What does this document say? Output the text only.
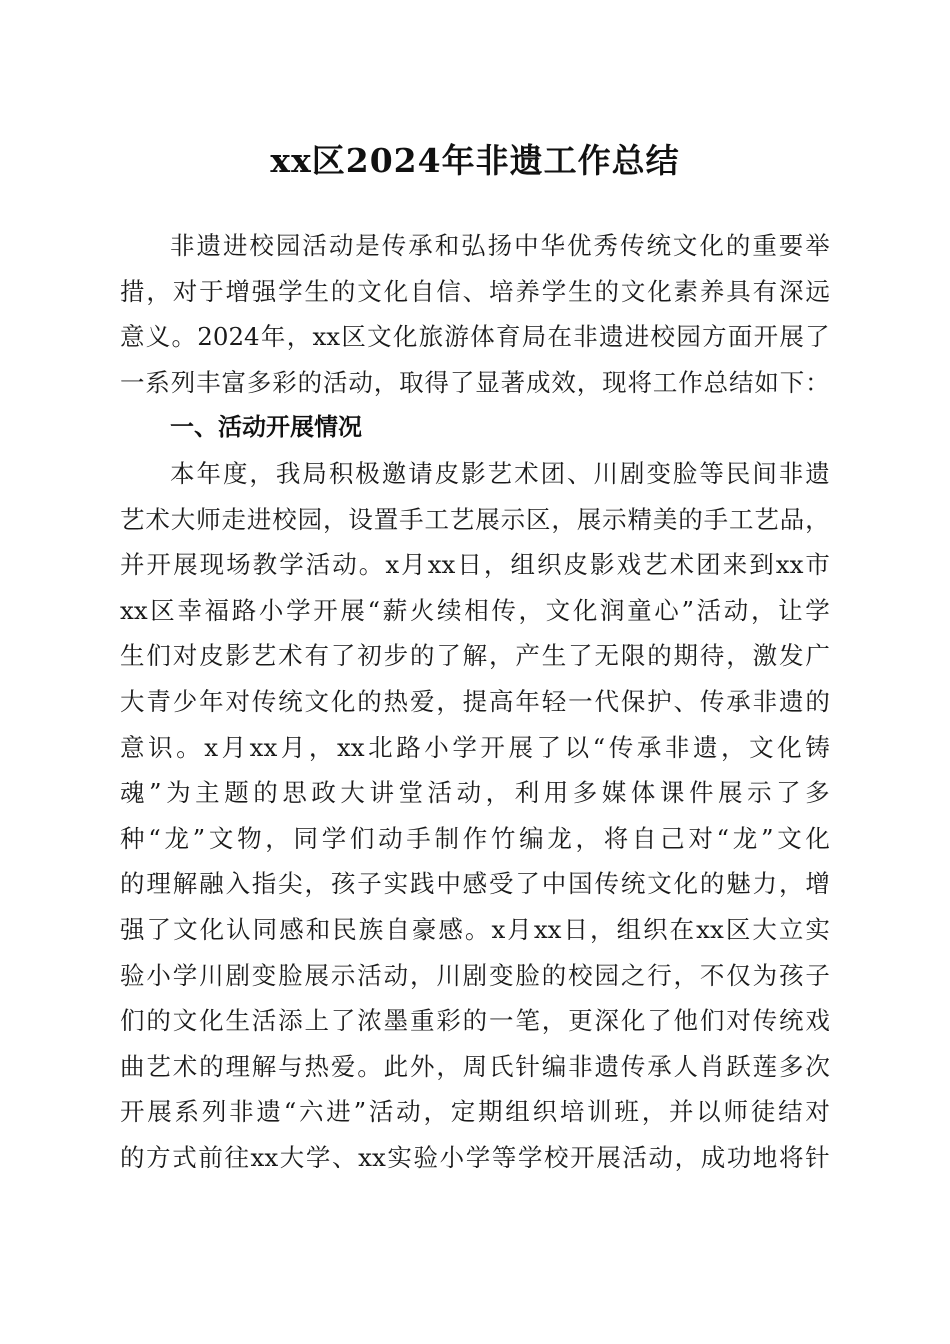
xx区2024年非遗工作总结
非 遗 进 校 园 活 动 是 传 承 和 弘 扬 中 华 优 秀 传 统 文 化 的 重 要 举
措 ， 对 于 增 强 学 生 的 文 化 自 信 、 培 养 学 生 的 文 化 素 养 具 有 深 远
意 义 。 2024 年 ， xx 区 文 化 旅 游 体 育 局 在 非 遗 进 校 园 方 面 开 展 了
一 系 列 丰 富 多 彩 的 活 动 ， 取 得 了 显 著 成 效 ， 现 将 工 作 总 结 如 下 ：
一、活动开展情况
本 年 度 ， 我 局 积 极 邀 请 皮 影 艺 术 团 、 川 剧 变 脸 等 民 间 非 遗
艺 术 大 师 走 进 校 园 ， 设 置 手 工 艺 展 示 区 ， 展 示 精 美 的 手 工 艺 品 ，
并 开 展 现 场 教 学 活 动 。 x 月 xx 日 ， 组 织 皮 影 戏 艺 术 团 来 到 xx 市
xx 区 幸 福 路 小 学 开 展 “ 薪 火 续 相 传 ， 文 化 润 童 心 ” 活 动 ， 让 学
生 们 对 皮 影 艺 术 有 了 初 步 的 了 解 ， 产 生 了 无 限 的 期 待 ， 激 发 广
大 青 少 年 对 传 统 文 化 的 热 爱 ， 提 高 年 轻 一 代 保 护 、 传 承 非 遗 的
意 识 。 x 月 xx 月 ， xx 北 路 小 学 开 展 了 以 “ 传 承 非 遗 ， 文 化 铸
魂 ” 为 主 题 的 思 政 大 讲 堂 活 动 ， 利 用 多 媒 体 课 件 展 示 了 多
种 “ 龙 ” 文 物 ， 同 学 们 动 手 制 作 竹 编 龙 ， 将 自 己 对 “ 龙 ” 文 化
的 理 解 融 入 指 尖 ， 孩 子 实 践 中 感 受 了 中 国 传 统 文 化 的 魅 力 ， 增
强 了 文 化 认 同 感 和 民 族 自 豪 感 。 x 月 xx 日 ， 组 织 在 xx 区 大 立 实
验 小 学 川 剧 变 脸 展 示 活 动 ， 川 剧 变 脸 的 校 园 之 行 ， 不 仅 为 孩 子
们 的 文 化 生 活 添 上 了 浓 墨 重 彩 的 一 笔 ， 更 深 化 了 他 们 对 传 统 戏
曲 艺 术 的 理 解 与 热 爱 。 此 外 ， 周 氏 针 编 非 遗 传 承 人 肖 跃 莲 多 次
开 展 系 列 非 遗 “ 六 进 ” 活 动 ， 定 期 组 织 培 训 班 ， 并 以 师 徒 结 对
的 方 式 前 往 xx 大 学 、 xx 实 验 小 学 等 学 校 开 展 活 动 ， 成 功 地 将 针
